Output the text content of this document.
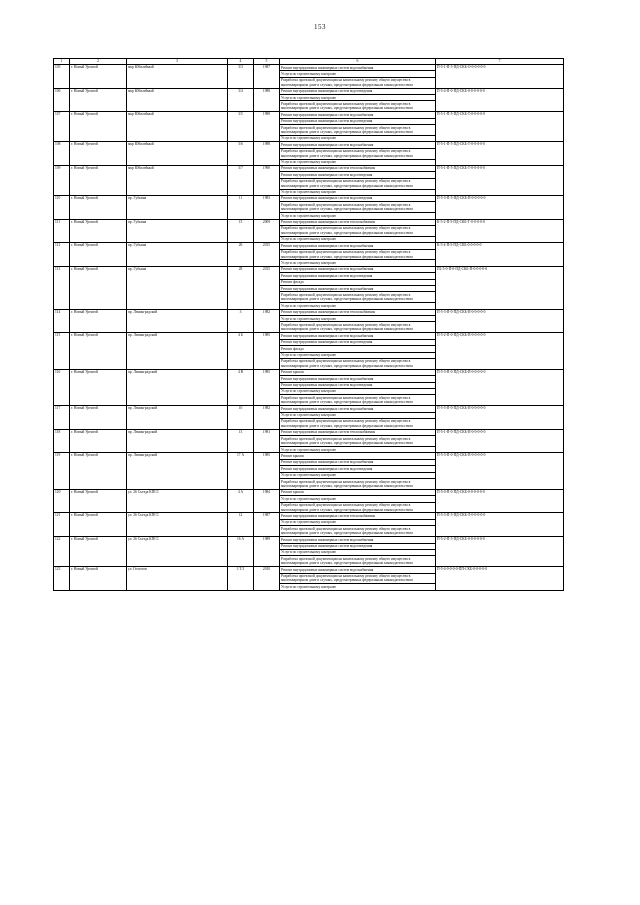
153
1	2	3	4	5	6	7
105	г. Новый Уренгой	мкр Юбилейный	3/3	1987	Ремонт внутридомовых инженерных систем водоснабжения	П-5-1-П-5-ПД-СКБ-О-0-0-0-0-0
					Услуги по строительному контролю	
					Разработка проектной документации на капитальному ремонту общего имущества в многоквартирном доме в случаях, предусмотренных федеральным законодательством	
106	г. Новый Уренгой	мкр Юбилейный	3/4	1988	Ремонт внутридомовых инженерных систем водоотведения	П-5-4-П-0-ПД-СКБ-0-0-0-0-0-0
					Услуги по строительному контролю	
					Разработка проектной документации на капитальному ремонту общего имущества в многоквартирном доме в случаях, предусмотренных федеральным законодательством	
107	г. Новый Уренгой	мкр Юбилейный	3/5	1989	Ремонт внутридомовых инженерных систем водоснабжения	П-5-1-П-5-ПД-СКБ-Т-0-0-0-0-0
					Ремонт внутридомовых инженерных систем водоотведения	
					Разработка проектной документации на капитальному ремонту общего имущества в многоквартирном доме в случаях, предусмотренных федеральным законодательством	
					Услуги по строительному контролю	
108	г. Новый Уренгой	мкр Юбилейный	3/6	1988	Ремонт внутридомовых инженерных систем водоснабжения	П-5-1-П-5-ПД-СКБ-Т-0-0-0-0-0
					Разработка проектной документации на капитальному ремонту общего имущества в многоквартирном доме в случаях, предусмотренных федеральным законодательством	
					Услуги по строительному контролю	
109	г. Новый Уренгой	мкр Юбилейный	3/7	1990	Ремонт внутридомовых инженерных систем теплоснабжения	П-5-1-П-5-ПД-СКБ-Т-0-0-0-0-0
					Ремонт внутридомовых инженерных систем водоотведения	
					Разработка проектной документации на капитальному ремонту общего имущества в многоквартирном доме в случаях, предусмотренных федеральным законодательством	
					Услуги по строительному контролю	
110	г. Новый Уренгой	пр. Губкина	11	1983	Ремонт внутридомовых инженерных систем водоотведения	П-5-3-П-5-ПД-СКБ-П-0-0-0-0-0
					Разработка проектной документации на капитальному ремонту общего имущества в многоквартирном доме в случаях, предусмотренных федеральным законодательством	
					Услуги по строительному контролю	
111	г. Новый Уренгой	пр. Губкина	15	2009	Ремонт внутридомовых инженерных систем теплоснабжения	К-5-2-П-5-ПД-СКБ-Т-0-0-0-0-0
					Разработка проектной документации на капитальному ремонту общего имущества в многоквартирном доме в случаях, предусмотренных федеральным законодательством	
					Услуги по строительному контролю	
112	г. Новый Уренгой	пр. Губкина	26	2015	Ремонт внутридомовых инженерных систем водоснабжения	К-5-4-П-5-ПД-СКБ-0-0-0-0-0
					Разработка проектной документации на капитальному ремонту общего имущества в многоквартирном доме в случаях, предусмотренных федеральным законодательством	
					Услуги по строительному контролю	
113	г. Новый Уренгой	пр. Губкина	28	2015	Ремонт внутридомовых инженерных систем водоснабжения	П2-5-0-П-0-ПД-СКБ-П-0-0-0-0-0
					Ремонт внутридомовых инженерных систем водоотведения	
					Ремонт фасада	
					Ремонт внутридомовых инженерных систем водоснабжения	
					Разработка проектной документации на капитальному ремонту общего имущества в многоквартирном доме в случаях, предусмотренных федеральным законодательством	
					Услуги по строительному контролю	
114	г. Новый Уренгой	пр. Ленинградский	3	1982	Ремонт внутридомовых инженерных систем теплоснабжения	П-5-3-П-0-ПД-СКБ-П-0-0-0-0-0
					Услуги по строительному контролю	
					Разработка проектной документации на капитальному ремонту общего имущества в многоквартирном доме в случаях, предусмотренных федеральным законодательством	
115	г. Новый Уренгой	пр. Ленинградский	4 Б	1985	Ремонт внутридомовых инженерных систем водоснабжения	П-5-2-П-0-ПД-СКБ-П-0-0-0-0-0
					Ремонт внутридомовых инженерных систем водоотведения	
					Ремонт фасада	
					Услуги по строительному контролю	
					Разработка проектной документации на капитальному ремонту общего имущества в многоквартирном доме в случаях, предусмотренных федеральным законодательством	
116	г. Новый Уренгой	пр. Ленинградский	4 В	1985	Ремонт крыши	П-5-3-П-0-ПД-СКБ-П-0-0-0-0-0
					Ремонт внутридомовых инженерных систем водоснабжения	
					Ремонт внутридомовых инженерных систем водоотведения	
					Услуги по строительному контролю	
					Разработка проектной документации на капитальному ремонту общего имущества в многоквартирном доме в случаях, предусмотренных федеральным законодательством	
117	г. Новый Уренгой	пр. Ленинградский	10	1982	Ремонт внутридомовых инженерных систем водоснабжения	П-5-5-П-0-ПД-СКБ-П-0-0-0-0-0
					Услуги по строительному контролю	
					Разработка проектной документации на капитальному ремонту общего имущества в многоквартирном доме в случаях, предусмотренных федеральным законодательством	
118	г. Новый Уренгой	пр. Ленинградский	13	1981	Ремонт внутридомовых инженерных систем теплоснабжения	П-5-1-П-0-ПД-СКБ-П-0-0-0-0-0
					Разработка проектной документации на капитальному ремонту общего имущества в многоквартирном доме в случаях, предусмотренных федеральным законодательством	
					Услуги по строительному контролю	
119	г. Новый Уренгой	пр. Ленинградский	17 А	1985	Ремонт крыши	П-5-3-П-0-ПД-СКБ-П-0-0-0-0-0
					Ремонт внутридомовых инженерных систем водоснабжения	
					Ремонт внутридомовых инженерных систем водоотведения	
					Услуги по строительному контролю	
					Разработка проектной документации на капитальному ремонту общего имущества в многоквартирном доме в случаях, предусмотренных федеральным законодательством	
120	г. Новый Уренгой	ул. 26 Съезда КПСС	4 А	1984	Ремонт крыши	П-5-0-П-0-ПД-СКБ-0-0-0-0-0-0
					Услуги по строительному контролю	
					Разработка проектной документации на капитальному ремонту общего имущества в многоквартирном доме в случаях, предусмотренных федеральным законодательством	
121	г. Новый Уренгой	ул. 26 Съезда КПСС	12	1987	Ремонт внутридомовых инженерных систем теплоснабжения	П-5-3-П-5-ПД-СКБ-Л-0-0-0-0-0
					Услуги по строительному контролю	
					Разработка проектной документации на капитальному ремонту общего имущества в многоквартирном доме в случаях, предусмотренных федеральным законодательством	
122	г. Новый Уренгой	ул. 26 Съезда КПСС	16 А	1989	Ремонт внутридомовых инженерных систем водоснабжения	П-5-2-П-5-ПД-СКБ-0-0-0-0-0-0
					Ремонт внутридомовых инженерных систем водоотведения	
					Услуги по строительному контролю	
					Разработка проектной документации на капитальному ремонту общего имущества в многоквартирном доме в случаях, предусмотренных федеральным законодательством	
123	г. Новый Уренгой	ул. Геологов	3 Т/1	2010	Ремонт внутридомовых инженерных систем водоснабжения	П-5-4-0-0-0-0-ПП-СКБ-0-0-0-0-0
					Разработка проектной документации на капитальному ремонту общего имущества в многоквартирном доме в случаях, предусмотренных федеральным законодательством	
					Услуги по строительному контролю	
